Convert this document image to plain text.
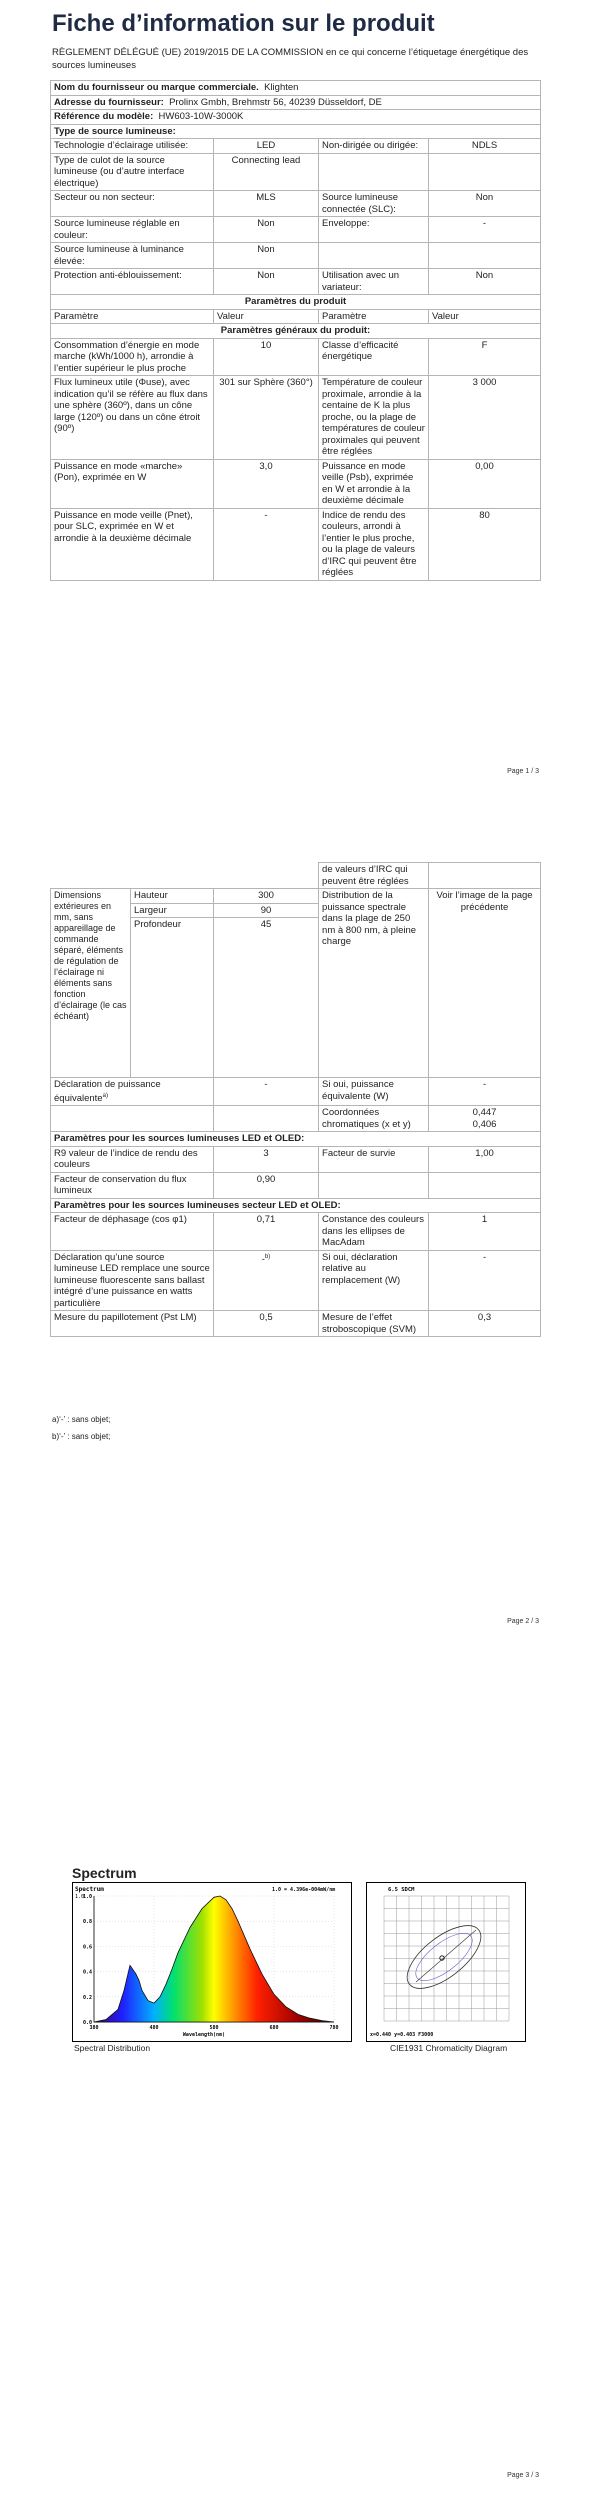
Fiche d’information sur le produit
RÈGLEMENT DÉLÉGUÉ (UE) 2019/2015 DE LA COMMISSION en ce qui concerne l’étiquetage énergétique des sources lumineuses
Nom du fournisseur ou marque commerciale. Klighten			
Adresse du fournisseur: Prolinx Gmbh, Brehmstr 56, 40239 Düsseldorf, DE			
Référence du modèle: HW603-10W-3000K			
Type de source lumineuse:			
Technologie d’éclairage utilisée:	LED	Non-dirigée ou dirigée:	NDLS
Type de culot de la source lumineuse (ou d’autre interface électrique)	Connecting lead		
Secteur ou non secteur:	MLS	Source lumineuse connectée (SLC):	Non
Source lumineuse réglable en couleur:	Non	Enveloppe:	-
Source lumineuse à luminance élevée:	Non		
Protection anti-éblouissement:	Non	Utilisation avec un variateur:	Non
Paramètres du produit			
Paramètre	Valeur	Paramètre	Valeur
Paramètres généraux du produit:			
Consommation d’énergie en mode marche (kWh/1000 h), arrondie à l’entier supérieur le plus proche	10	Classe d’efficacité énergétique	F
Flux lumineux utile (Φuse), avec indication qu’il se réfère au flux dans une sphère (360º), dans un cône large (120º) ou dans un cône étroit (90º)	301 sur Sphère (360°)	Température de couleur proximale, arrondie à la centaine de K la plus proche, ou la plage de températures de couleur proximales qui peuvent être réglées	3 000
Puissance en mode «marche» (Pon), exprimée en W	3,0	Puissance en mode veille (Psb), exprimée en W et arrondie à la deuxième décimale	0,00
Puissance en mode veille (Pnet), pour SLC, exprimée en W et arrondie à la deuxième décimale	-	Indice de rendu des couleurs, arrondi à l’entier le plus proche, ou la plage de valeurs d’IRC qui peuvent être réglées	80
Page 1 / 3
			de valeurs d’IRC qui peuvent être réglées	
Dimensions extérieures en mm, sans appareillage de commande séparé, éléments de régulation de l’éclairage ni éléments sans fonction d’éclairage (le cas échéant)	Hauteur	300	Distribution de la puissance spectrale dans la plage de 250 nm à 800 nm, à pleine charge	Voir l’image de la page précédente
	Largeur	90		
	Profondeur	45		
Déclaration de puissance équivalente$^{a)}$		-	Si oui, puissance équivalente (W)	-
			Coordonnées chromatiques (x et y)	0,447
0,406
Paramètres pour les sources lumineuses LED et OLED:				
R9 valeur de l’indice de rendu des couleurs		3	Facteur de survie	1,00
Facteur de conservation du flux lumineux		0,90		
Paramètres pour les sources lumineuses secteur LED et OLED:				
Facteur de déphasage (cos φ1)		0,71	Constance des couleurs dans les ellipses de MacAdam	1
Déclaration qu’une source lumineuse LED remplace une source lumineuse fluorescente sans ballast intégré d’une puissance en watts particulière		-$^{b)}$	Si oui, déclaration relative au remplacement (W)	-
Mesure du papillotement (Pst LM)		0,5	Mesure de l’effet stroboscopique (SVM)	0,3
a)‘-’ : sans objet;
b)‘-’ : sans objet;
Page 2 / 3
Spectrum
Spectrum
1.0
1.0 = 4.396e-004mW/nm
0.0
0.2
0.4
0.6
0.8
1.0
380	480	580	680	780
Wavelength(nm)
6.5 SDCM
x=0.440 y=0.403 F3000
Spectral Distribution	CIE1931 Chromaticity Diagram
Page 3 / 3
